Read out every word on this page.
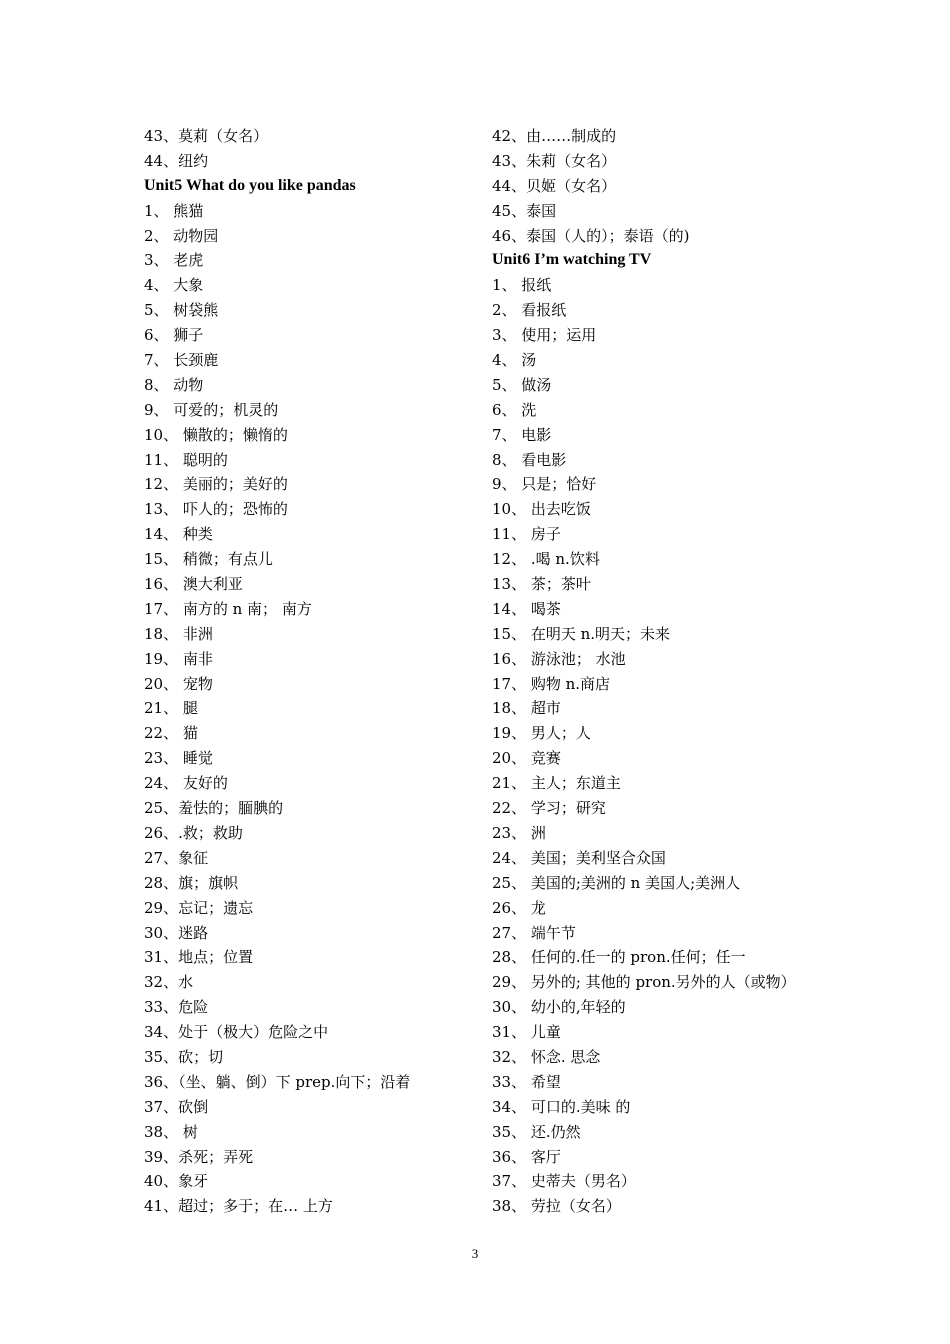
43、莫莉（女名）
44、纽约
Unit5 What do you like pandas
1、 熊猫
2、 动物园
3、 老虎
4、 大象
5、 树袋熊
6、 狮子
7、 长颈鹿
8、 动物
9、 可爱的；机灵的
10、 懒散的；懒惰的
11、 聪明的
12、 美丽的；美好的
13、 吓人的；恐怖的
14、 种类
15、 稍微；有点儿
16、 澳大利亚
17、 南方的 n 南； 南方
18、 非洲
19、 南非
20、 宠物
21、 腿
22、 猫
23、 睡觉
24、 友好的
25、羞怯的；腼腆的
26、.救；救助
27、象征
28、旗；旗帜
29、忘记；遗忘
30、迷路
31、地点；位置
32、水
33、危险
34、处于（极大）危险之中
35、砍；切
36、（坐、躺、倒）下 prep.向下；沿着
37、砍倒
38、 树
39、杀死；弄死
40、象牙
41、超过；多于；在… 上方
42、由……制成的
43、朱莉（女名）
44、贝姬（女名）
45、泰国
46、泰国（人的）；泰语（的)
Unit6 I’m watching TV
1、 报纸
2、 看报纸
3、 使用；运用
4、 汤
5、 做汤
6、 洗
7、 电影
8、 看电影
9、 只是；恰好
10、 出去吃饭
11、 房子
12、 .喝 n.饮料
13、 茶；茶叶
14、 喝茶
15、 在明天 n.明天；未来
16、 游泳池； 水池
17、 购物 n.商店
18、 超市
19、 男人；人
20、 竞赛
21、 主人；东道主
22、 学习；研究
23、 洲
24、 美国；美利坚合众国
25、 美国的;美洲的 n 美国人;美洲人
26、 龙
27、 端午节
28、 任何的.任一的 pron.任何；任一
29、 另外的; 其他的 pron.另外的人（或物）
30、 幼小的,年轻的
31、 儿童
32、 怀念. 思念
33、 希望
34、 可口的.美味 的
35、 还.仍然
36、 客厅
37、 史蒂夫（男名）
38、 劳拉（女名）
3
